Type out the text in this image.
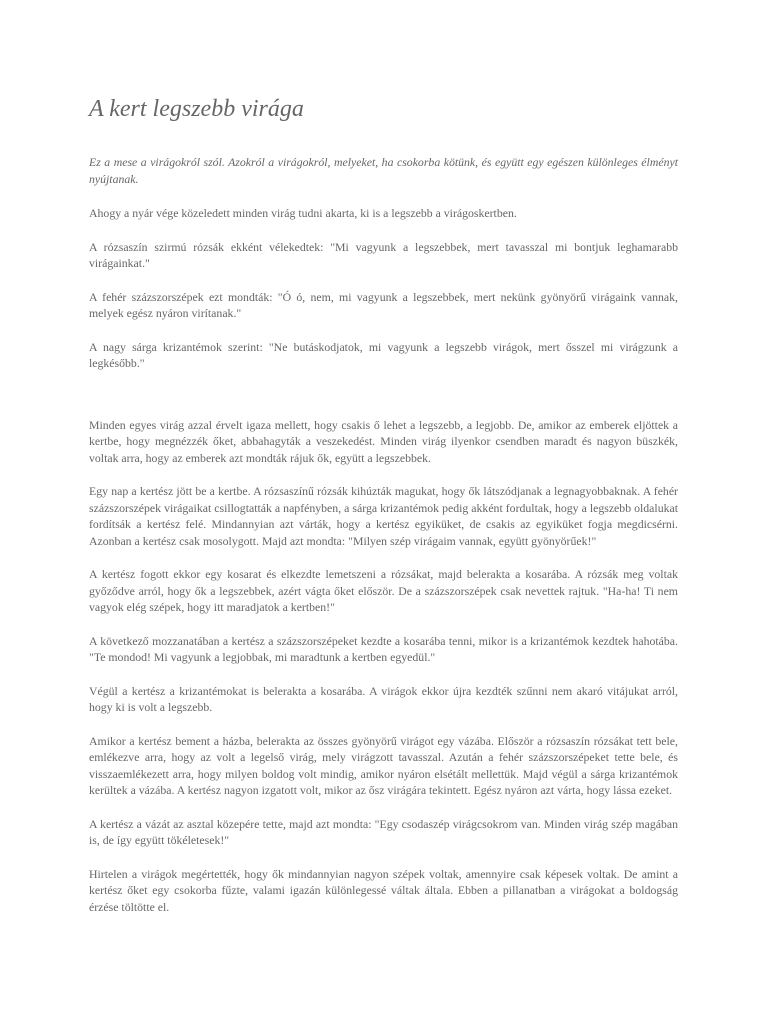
A kert legszebb virága

Ez a mese a virágokról szól. Azokról a virágokról, melyeket, ha csokorba kötünk, és együtt egy egészen különleges élményt nyújtanak.

Ahogy a nyár vége közeledett minden virág tudni akarta, ki is a legszebb a virágoskertben.

A rózsaszín szirmú rózsák ekként vélekedtek: "Mi vagyunk a legszebbek, mert tavasszal mi bontjuk leghamarabb virágainkat."

A fehér százszorszépek ezt mondták: "Ó ó, nem, mi vagyunk a legszebbek, mert nekünk gyönyörű virágaink vannak, melyek egész nyáron virítanak."

A nagy sárga krizantémok szerint: "Ne butáskodjatok, mi vagyunk a legszebb virágok, mert ősszel mi virágzunk a legkésőbb."

Minden egyes virág azzal érvelt igaza mellett, hogy csakis ő lehet a legszebb, a legjobb. De, amikor az emberek eljöttek a kertbe, hogy megnézzék őket, abbahagyták a veszekedést. Minden virág ilyenkor csendben maradt és nagyon büszkék, voltak arra, hogy az emberek azt mondták rájuk ők, együtt a legszebbek.

Egy nap a kertész jött be a kertbe. A rózsaszínű rózsák kihúzták magukat, hogy ők látszódjanak a legnagyobbaknak. A fehér százszorszépek virágaikat csillogtatták a napfényben, a sárga krizantémok pedig akként fordultak, hogy a legszebb oldalukat fordítsák a kertész felé. Mindannyian azt várták, hogy a kertész egyiküket, de csakis az egyiküket fogja megdicsérni. Azonban a kertész csak mosolygott. Majd azt mondta: "Milyen szép virágaim vannak, együtt gyönyörűek!"

A kertész fogott ekkor egy kosarat és elkezdte lemetszeni a rózsákat, majd belerakta a kosarába. A rózsák meg voltak győződve arról, hogy ők a legszebbek, azért vágta őket először. De a százszorszépek csak nevettek rajtuk. "Ha-ha! Ti nem vagyok elég szépek, hogy itt maradjatok a kertben!"

A következő mozzanatában a kertész a százszorszépeket kezdte a kosarába tenni, mikor is a krizantémok kezdtek hahotába. "Te mondod! Mi vagyunk a legjobbak, mi maradtunk a kertben egyedül."

Végül a kertész a krizantémokat is belerakta a kosarába. A virágok ekkor újra kezdték szűnni nem akaró vitájukat arról, hogy ki is volt a legszebb.

Amikor a kertész bement a házba, belerakta az összes gyönyörű virágot egy vázába. Először a rózsaszín rózsákat tett bele, emlékezve arra, hogy az volt a legelső virág, mely virágzott tavasszal. Azután a fehér százszorszépeket tette bele, és visszaemlékezett arra, hogy milyen boldog volt mindig, amikor nyáron elsétált mellettük. Majd végül a sárga krizantémok kerültek a vázába. A kertész nagyon izgatott volt, mikor az ősz virágára tekintett. Egész nyáron azt várta, hogy lássa ezeket.

A kertész a vázát az asztal közepére tette, majd azt mondta: "Egy csodaszép virágcsokrom van. Minden virág szép magában is, de így együtt tökéletesek!"

Hirtelen a virágok megértették, hogy ők mindannyian nagyon szépek voltak, amennyire csak képesek voltak. De amint a kertész őket egy csokorba fűzte, valami igazán különlegessé váltak általa. Ebben a pillanatban a virágokat a boldogság érzése töltötte el.
